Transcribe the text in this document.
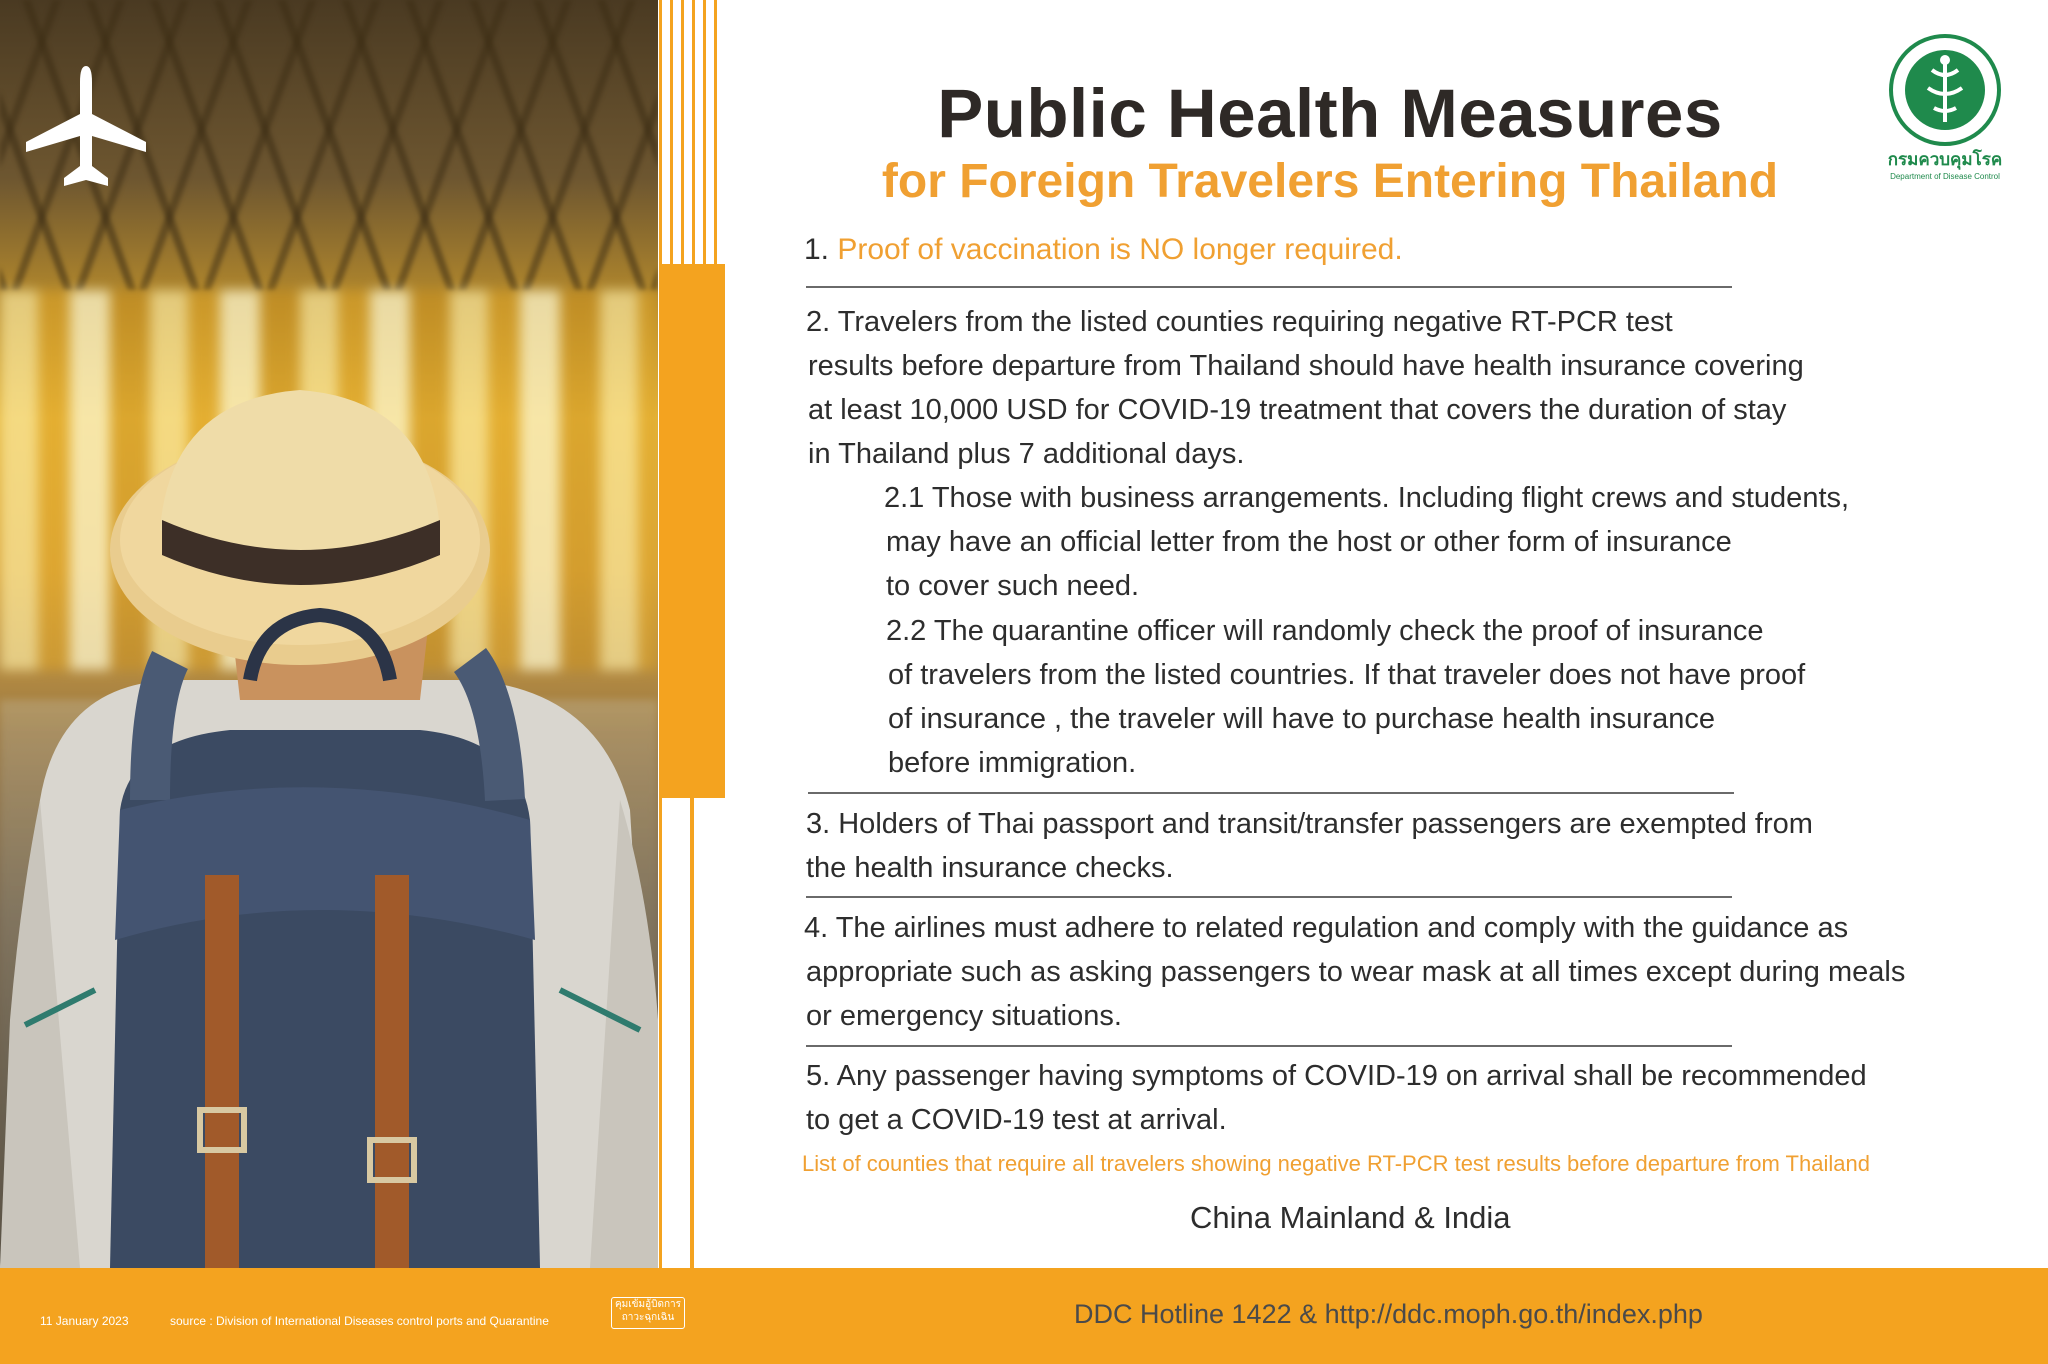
Public Health Measures
for Foreign Travelers Entering Thailand	กรมควบคุมโรค
Department of Disease Control
1. Proof of vaccination is NO longer required.
2. Travelers from the listed counties requiring negative RT-PCR test
results before departure from Thailand should have health insurance covering
at least 10,000 USD for COVID-19 treatment that covers the duration of stay
in Thailand plus 7 additional days.
2.1 Those with business arrangements. Including flight crews and students,
may have an official letter from the host or other form of insurance
to cover such need.
2.2 The quarantine officer will randomly check the proof of insurance
of travelers from the listed countries. If that traveler does not have proof
of insurance , the traveler will have to purchase health insurance
before immigration.
3. Holders of Thai passport and transit/transfer passengers are exempted from
the health insurance checks.
4. The airlines must adhere to related regulation and comply with the guidance as
appropriate such as asking passengers to wear mask at all times except during meals
or emergency situations.
5. Any passenger having symptoms of COVID-19 on arrival shall be recommended
to get a COVID-19 test at arrival.
List of counties that require all travelers showing negative RT-PCR test results before departure from Thailand
China Mainland & India
11 January 2023	source : Division of International Diseases control ports and Quarantine
คุมเข้มอู้บิดการ
ถาวะฉุกเฉิน	DDC Hotline 1422 & http://ddc.moph.go.th/index.php
